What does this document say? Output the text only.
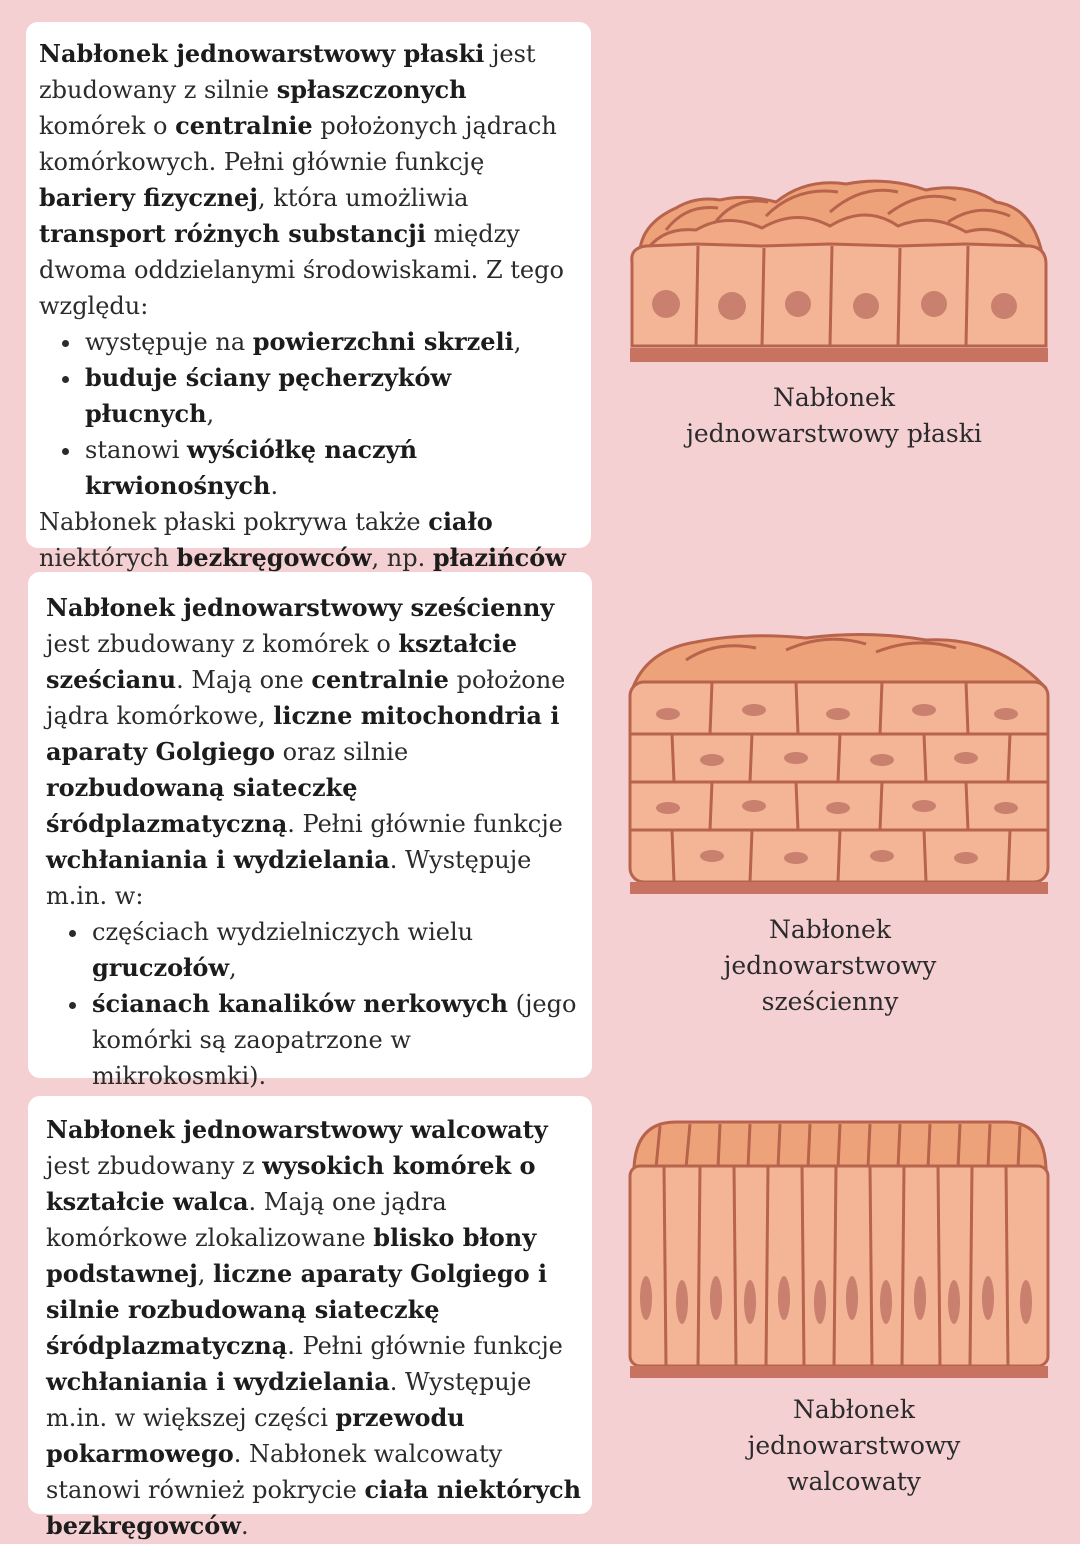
Nabłonek jednowarstwowy płaski jest zbudowany z silnie spłaszczonych komórek o centralnie położonych jądrach komórkowych. Pełni głównie funkcję bariery fizycznej, która umożliwia transport różnych substancji między dwoma oddzielanymi środowiskami. Z tego względu:

• występuje na powierzchni skrzeli,
• buduje ściany pęcherzyków płucnych,
• stanowi wyściółkę naczyń krwionośnych.

Nabłonek płaski pokrywa także ciało niektórych bezkręgowców, np. płazińców

Nabłonek jednowarstwowy płaski

Nabłonek jednowarstwowy sześcienny jest zbudowany z komórek o kształcie sześcianu. Mają one centralnie położone jądra komórkowe, liczne mitochondria i aparaty Golgiego oraz silnie rozbudowaną siateczkę śródplazmatyczną. Pełni głównie funkcje wchłaniania i wydzielania. Występuje m.in. w:

• częściach wydzielniczych wielu gruczołów,
• ścianach kanalików nerkowych (jego komórki są zaopatrzone w mikrokosmki).
Nabłonek jednowarstwowy sześcienny

Nabłonek jednowarstwowy walcowaty jest zbudowany z wysokich komórek o kształcie walca. Mają one jądra komórkowe zlokalizowane blisko błony podstawnej, liczne aparaty Golgiego i silnie rozbudowaną siateczkę śródplazmatyczną. Pełni głównie funkcje wchłaniania i wydzielania. Występuje m.in. w większej części przewodu pokarmowego. Nabłonek walcowaty stanowi również pokrycie ciała niektórych bezkręgowców.

Nabłonek jednowarstwowy walcowaty
